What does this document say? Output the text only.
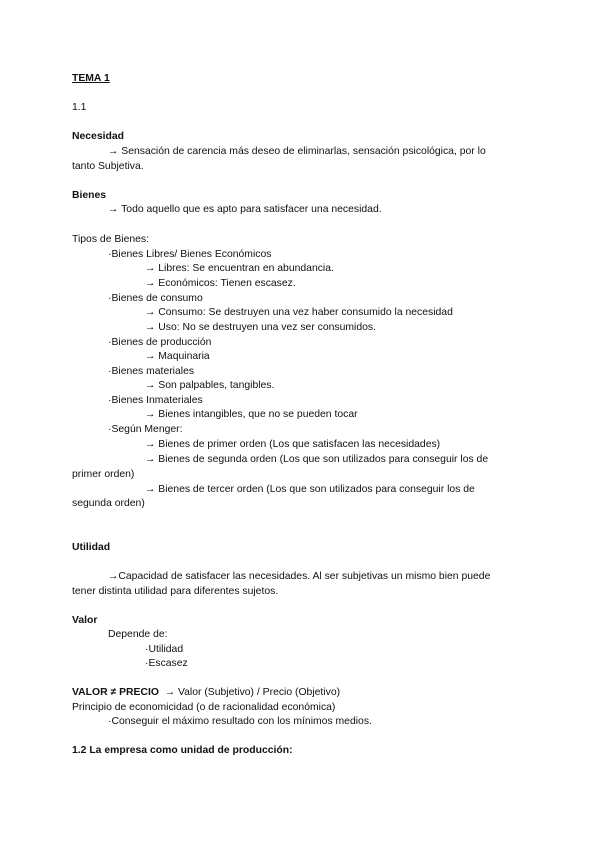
TEMA 1
1.1
Necesidad
→ Sensación de carencia más deseo de eliminarlas, sensación psicológica, por lo
tanto Subjetiva.
Bienes
→ Todo aquello que es apto para satisfacer una necesidad.
Tipos de Bienes:
·Bienes Libres/ Bienes Económicos
→ Libres: Se encuentran en abundancia.
→ Económicos: Tienen escasez.
·Bienes de consumo
→ Consumo: Se destruyen una vez haber consumido la necesidad
→ Uso: No se destruyen una vez ser consumidos.
·Bienes de producción
→ Maquinaria
·Bienes materiales
→ Son palpables, tangibles.
·Bienes Inmateriales
→ Bienes intangibles, que no se pueden tocar
·Según Menger:
→ Bienes de primer orden (Los que satisfacen las necesidades)
→ Bienes de segunda orden (Los que son utilizados para conseguir los de
primer orden)
→ Bienes de tercer orden (Los que son utilizados para conseguir los de
segunda orden)
Utilidad
→Capacidad de satisfacer las necesidades. Al ser subjetivas un mismo bien puede
tener distinta utilidad para diferentes sujetos.
Valor
Depende de:
·Utilidad
·Escasez
VALOR ≠ PRECIO → Valor (Subjetivo) / Precio (Objetivo)
Principio de economicidad (o de racionalidad económica)
·Conseguir el máximo resultado con los mínimos medios.
1.2 La empresa como unidad de producción:
